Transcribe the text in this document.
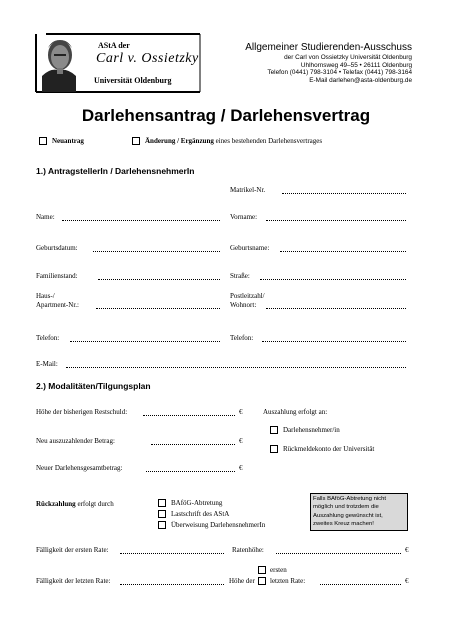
AStA der
Carl v. Ossietzky
Universität Oldenburg
Allgemeiner Studierenden-Ausschuss
der Carl von Ossietzky Universität Oldenburg
Uhlhornsweg 49–55 • 26111 Oldenburg
Telefon (0441) 798-3104 • Telefax (0441) 798-3164
E-Mail darlehen@asta-oldenburg.de
Darlehensantrag / Darlehensvertrag
Neuantrag	Änderung / Ergänzung eines bestehenden Darlehensvertrages
1.) AntragstellerIn / DarlehensnehmerIn
Matrikel-Nr.
Name:	Vorname:
Geburtsdatum:	Geburtsname:
Familienstand:	Straße:
Haus-/
Apartment-Nr.:
Postleitzahl/
Wohnort:
Telefon:	Telefon:
E-Mail:
2.) Modalitäten/Tilgungsplan
Höhe der bisherigen Restschuld:	€
Neu auszuzahlender Betrag:	€
Neuer Darlehensgesamtbetrag:	€
Auszahlung erfolgt an:
Darlehensnehmer/in
Rückmeldekonto der Universität
Rückzahlung erfolgt durch	BAföG-Abtretung
Lastschrift des AStA
Überweisung DarlehensnehmerIn
Falls BAföG-Abtretung nicht
möglich und trotzdem die
Auszahlung gewünscht ist,
zweites Kreuz machen!
Fälligkeit der ersten Rate:	Ratenhöhe:	€
ersten
Fälligkeit der letzten Rate:	Höhe der letzten Rate:	€
